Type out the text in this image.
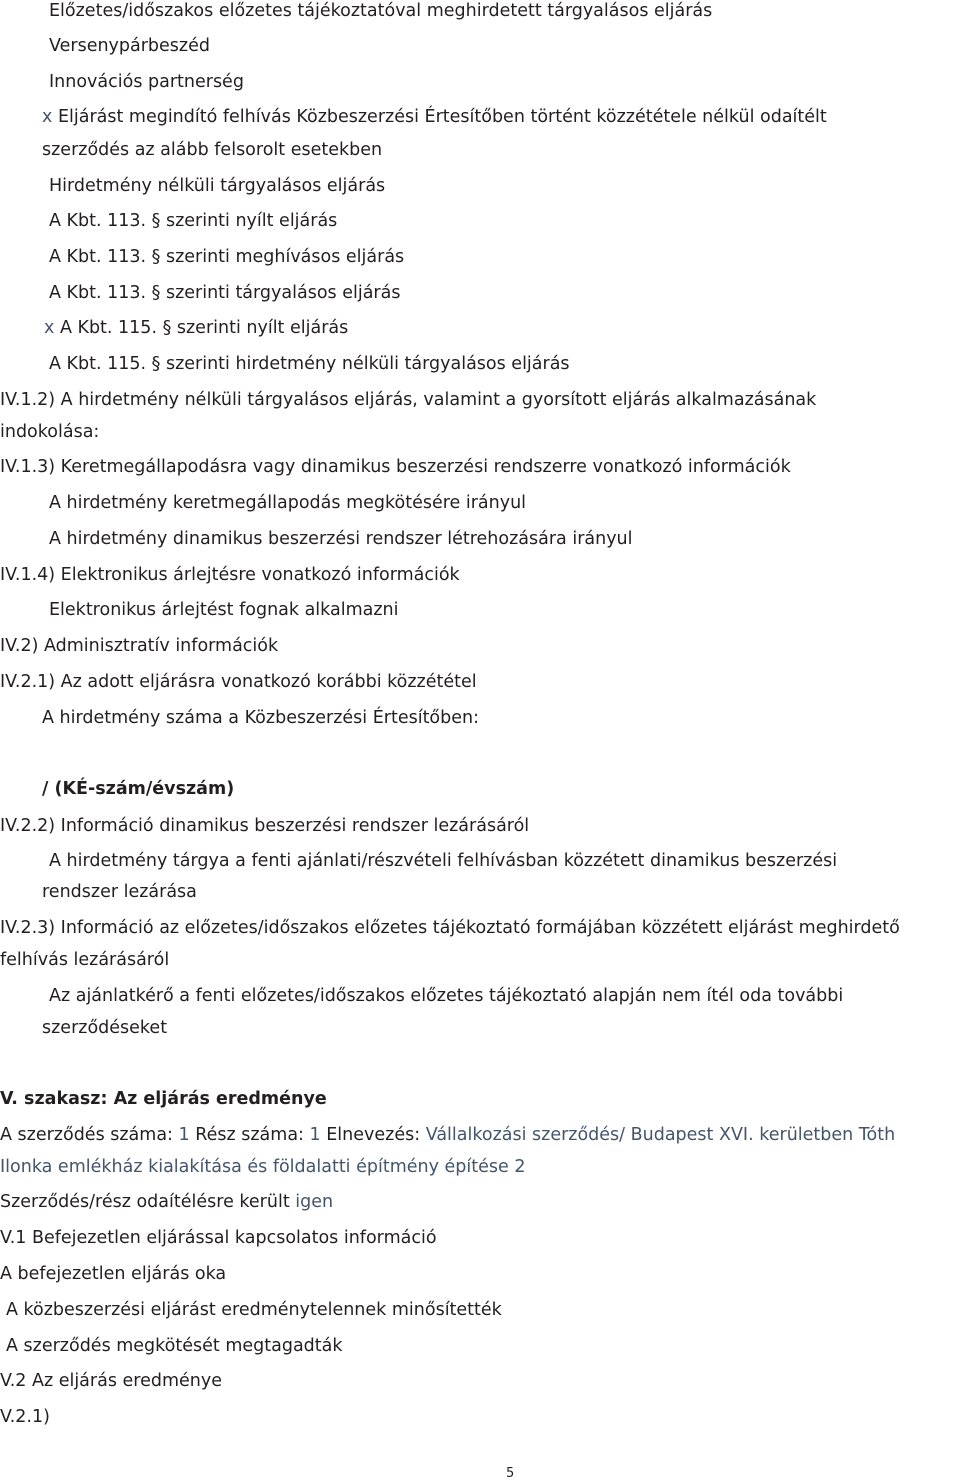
Előzetes/időszakos előzetes tájékoztatóval meghirdetett tárgyalásos eljárás
Versenypárbeszéd
Innovációs partnerség
x Eljárást megindító felhívás Közbeszerzési Értesítőben történt közzététele nélkül odaítélt
szerződés az alább felsorolt esetekben
Hirdetmény nélküli tárgyalásos eljárás
A Kbt. 113. § szerinti nyílt eljárás
A Kbt. 113. § szerinti meghívásos eljárás
A Kbt. 113. § szerinti tárgyalásos eljárás
x A Kbt. 115. § szerinti nyílt eljárás
A Kbt. 115. § szerinti hirdetmény nélküli tárgyalásos eljárás
IV.1.2) A hirdetmény nélküli tárgyalásos eljárás, valamint a gyorsított eljárás alkalmazásának
indokolása:
IV.1.3) Keretmegállapodásra vagy dinamikus beszerzési rendszerre vonatkozó információk
A hirdetmény keretmegállapodás megkötésére irányul
A hirdetmény dinamikus beszerzési rendszer létrehozására irányul
IV.1.4) Elektronikus árlejtésre vonatkozó információk
Elektronikus árlejtést fognak alkalmazni
IV.2) Adminisztratív információk
IV.2.1) Az adott eljárásra vonatkozó korábbi közzététel
A hirdetmény száma a Közbeszerzési Értesítőben:
/ (KÉ-szám/évszám)
IV.2.2) Információ dinamikus beszerzési rendszer lezárásáról
A hirdetmény tárgya a fenti ajánlati/részvételi felhívásban közzétett dinamikus beszerzési
rendszer lezárása
IV.2.3) Információ az előzetes/időszakos előzetes tájékoztató formájában közzétett eljárást meghirdető
felhívás lezárásáról
Az ajánlatkérő a fenti előzetes/időszakos előzetes tájékoztató alapján nem ítél oda további
szerződéseket
V. szakasz: Az eljárás eredménye
A szerződés száma: 1 Rész száma: 1 Elnevezés: Vállalkozási szerződés/ Budapest XVI. kerületben Tóth
Ilonka emlékház kialakítása és földalatti építmény építése 2
Szerződés/rész odaítélésre került igen
V.1 Befejezetlen eljárással kapcsolatos információ
A befejezetlen eljárás oka
A közbeszerzési eljárást eredménytelennek minősítették
A szerződés megkötését megtagadták
V.2 Az eljárás eredménye
V.2.1)
5
